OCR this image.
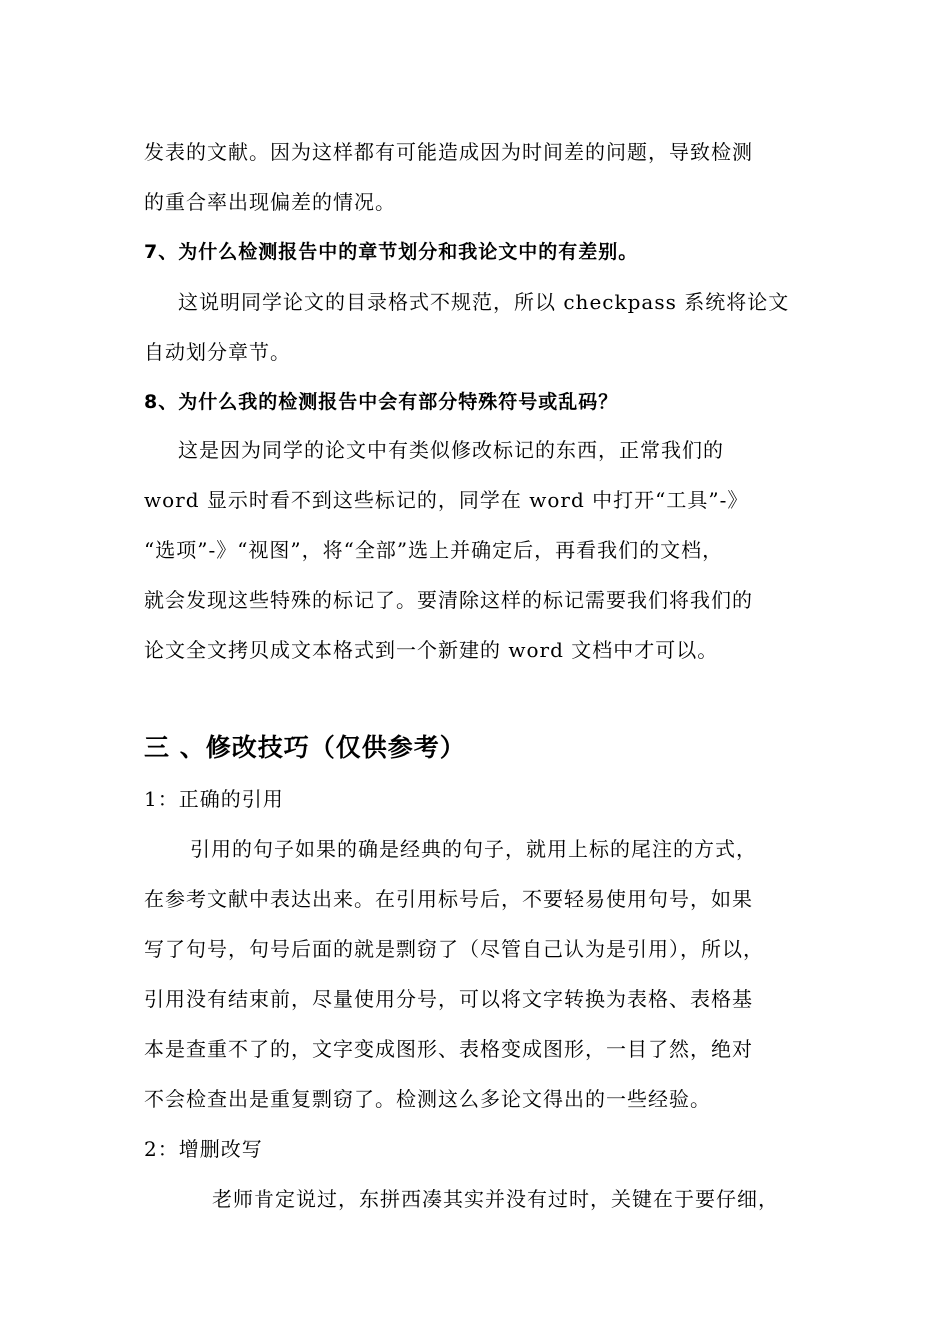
发表的文献。因为这样都有可能造成因为时间差的问题，导致检测
的重合率出现偏差的情况。
7、为什么检测报告中的章节划分和我论文中的有差别。
这说明同学论文的目录格式不规范，所以 checkpass 系统将论文
自动划分章节。
8、为什么我的检测报告中会有部分特殊符号或乱码？
这是因为同学的论文中有类似修改标记的东西，正常我们的
word 显示时看不到这些标记的，同学在 word 中打开“工具”-》
“选项”-》“视图”，将“全部”选上并确定后，再看我们的文档，
就会发现这些特殊的标记了。要清除这样的标记需要我们将我们的
论文全文拷贝成文本格式到一个新建的 word 文档中才可以。
三 、修改技巧（仅供参考）
1：正确的引用
引用的句子如果的确是经典的句子，就用上标的尾注的方式，
在参考文献中表达出来。在引用标号后，不要轻易使用句号，如果
写了句号，句号后面的就是剽窃了（尽管自己认为是引用），所以，
引用没有结束前，尽量使用分号，可以将文字转换为表格、表格基
本是查重不了的，文字变成图形、表格变成图形，一目了然，绝对
不会检查出是重复剽窃了。检测这么多论文得出的一些经验。
2：增删改写
老师肯定说过，东拼西凑其实并没有过时，关键在于要仔细，
